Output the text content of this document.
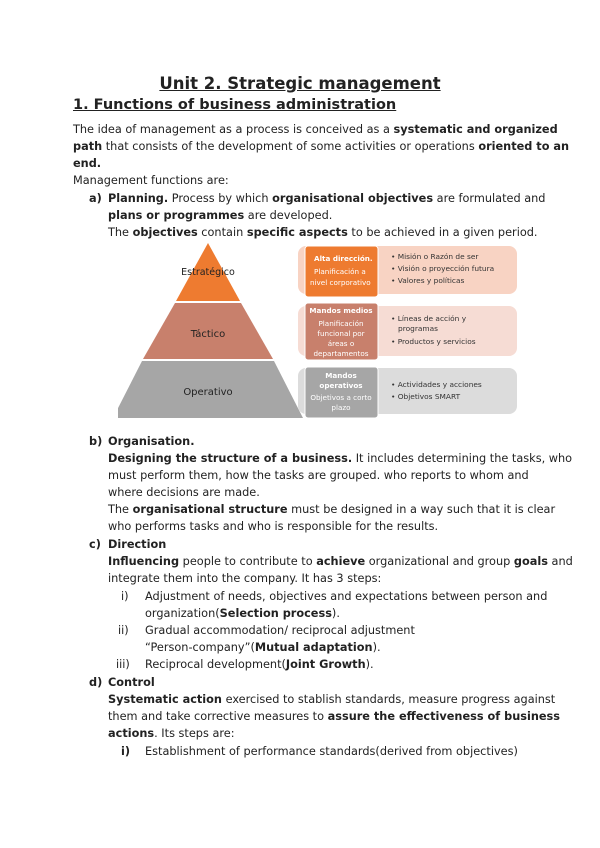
Unit 2. Strategic management
1. Functions of business administration
The idea of management as a process is conceived as a systematic and organized
path that consists of the development of some activities or operations oriented to an
end.
Management functions are:
a) Planning. Process by which organisational objectives are formulated and
plans or programmes are developed.
The objectives contain specific aspects to be achieved in a given period.
Estratégico
Táctico
Operativo
Alta dirección.
Planificación a
nivel corporativo
Mandos medios
Planificación
funcional por
áreas o
departamentos
Mandos
operativos
Objetivos a corto
plazo
• Misión o Razón de ser
• Visión o proyección futura
• Valores y políticas
• Líneas de acción y
programas
• Productos y servicios
• Actividades y acciones
• Objetivos SMART
b) Organisation.
Designing the structure of a business. It includes determining the tasks, who
must perform them, how the tasks are grouped. who reports to whom and
where decisions are made.
The organisational structure must be designed in a way such that it is clear
who performs tasks and who is responsible for the results.
c) Direction
Influencing people to contribute to achieve organizational and group goals and
integrate them into the company. It has 3 steps:
i) Adjustment of needs, objectives and expectations between person and
organization(Selection process).
ii) Gradual accommodation/ reciprocal adjustment
“Person-company”(Mutual adaptation).
iii) Reciprocal development(Joint Growth).
d) Control
Systematic action exercised to stablish standards, measure progress against
them and take corrective measures to assure the effectiveness of business
actions. Its steps are:
i) Establishment of performance standards(derived from objectives)
